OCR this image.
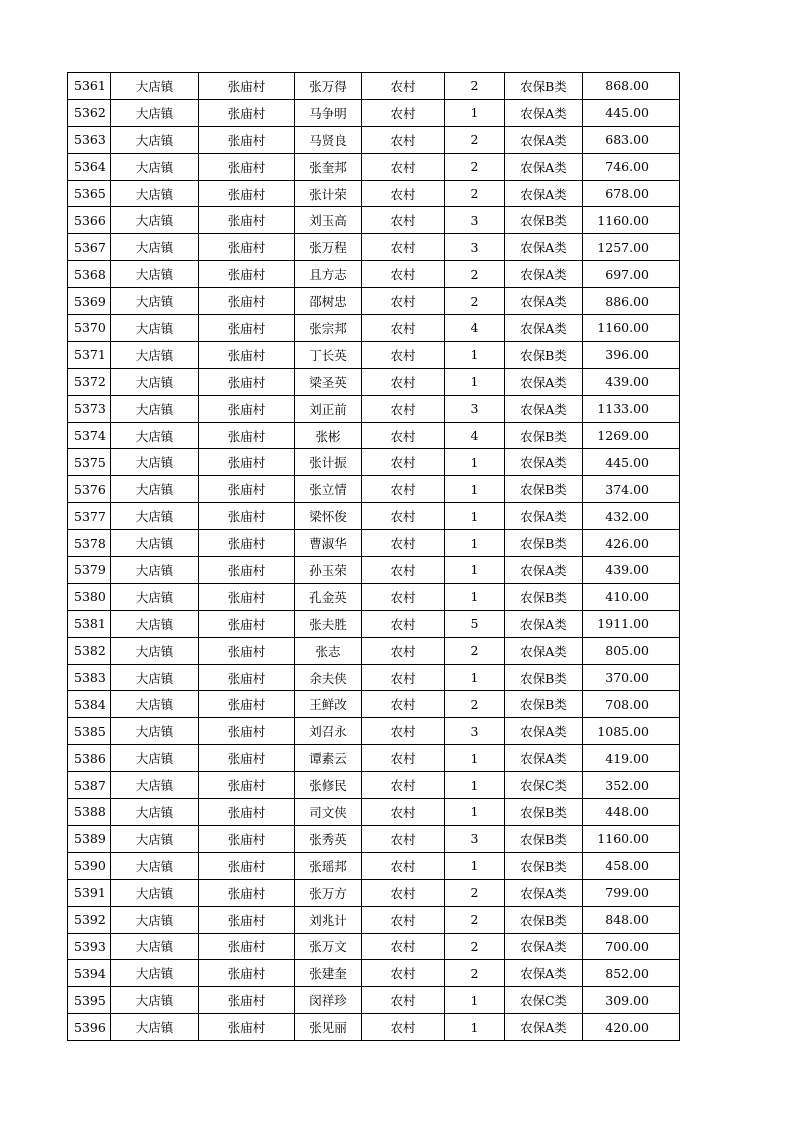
5361	大店镇	张庙村	张万得	农村	2	农保B类	868.00
5362	大店镇	张庙村	马争明	农村	1	农保A类	445.00
5363	大店镇	张庙村	马贤良	农村	2	农保A类	683.00
5364	大店镇	张庙村	张奎邦	农村	2	农保A类	746.00
5365	大店镇	张庙村	张计荣	农村	2	农保A类	678.00
5366	大店镇	张庙村	刘玉高	农村	3	农保B类	1160.00
5367	大店镇	张庙村	张万程	农村	3	农保A类	1257.00
5368	大店镇	张庙村	且方志	农村	2	农保A类	697.00
5369	大店镇	张庙村	邵树忠	农村	2	农保A类	886.00
5370	大店镇	张庙村	张宗邦	农村	4	农保A类	1160.00
5371	大店镇	张庙村	丁长英	农村	1	农保B类	396.00
5372	大店镇	张庙村	梁圣英	农村	1	农保A类	439.00
5373	大店镇	张庙村	刘正前	农村	3	农保A类	1133.00
5374	大店镇	张庙村	张彬	农村	4	农保B类	1269.00
5375	大店镇	张庙村	张计振	农村	1	农保A类	445.00
5376	大店镇	张庙村	张立情	农村	1	农保B类	374.00
5377	大店镇	张庙村	梁怀俊	农村	1	农保A类	432.00
5378	大店镇	张庙村	曹淑华	农村	1	农保B类	426.00
5379	大店镇	张庙村	孙玉荣	农村	1	农保A类	439.00
5380	大店镇	张庙村	孔金英	农村	1	农保B类	410.00
5381	大店镇	张庙村	张夫胜	农村	5	农保A类	1911.00
5382	大店镇	张庙村	张志	农村	2	农保A类	805.00
5383	大店镇	张庙村	余夫侠	农村	1	农保B类	370.00
5384	大店镇	张庙村	王鲜改	农村	2	农保B类	708.00
5385	大店镇	张庙村	刘召永	农村	3	农保A类	1085.00
5386	大店镇	张庙村	谭素云	农村	1	农保A类	419.00
5387	大店镇	张庙村	张修民	农村	1	农保C类	352.00
5388	大店镇	张庙村	司文侠	农村	1	农保B类	448.00
5389	大店镇	张庙村	张秀英	农村	3	农保B类	1160.00
5390	大店镇	张庙村	张瑶邦	农村	1	农保B类	458.00
5391	大店镇	张庙村	张万方	农村	2	农保A类	799.00
5392	大店镇	张庙村	刘兆计	农村	2	农保B类	848.00
5393	大店镇	张庙村	张万文	农村	2	农保A类	700.00
5394	大店镇	张庙村	张建奎	农村	2	农保A类	852.00
5395	大店镇	张庙村	闵祥珍	农村	1	农保C类	309.00
5396	大店镇	张庙村	张见丽	农村	1	农保A类	420.00
